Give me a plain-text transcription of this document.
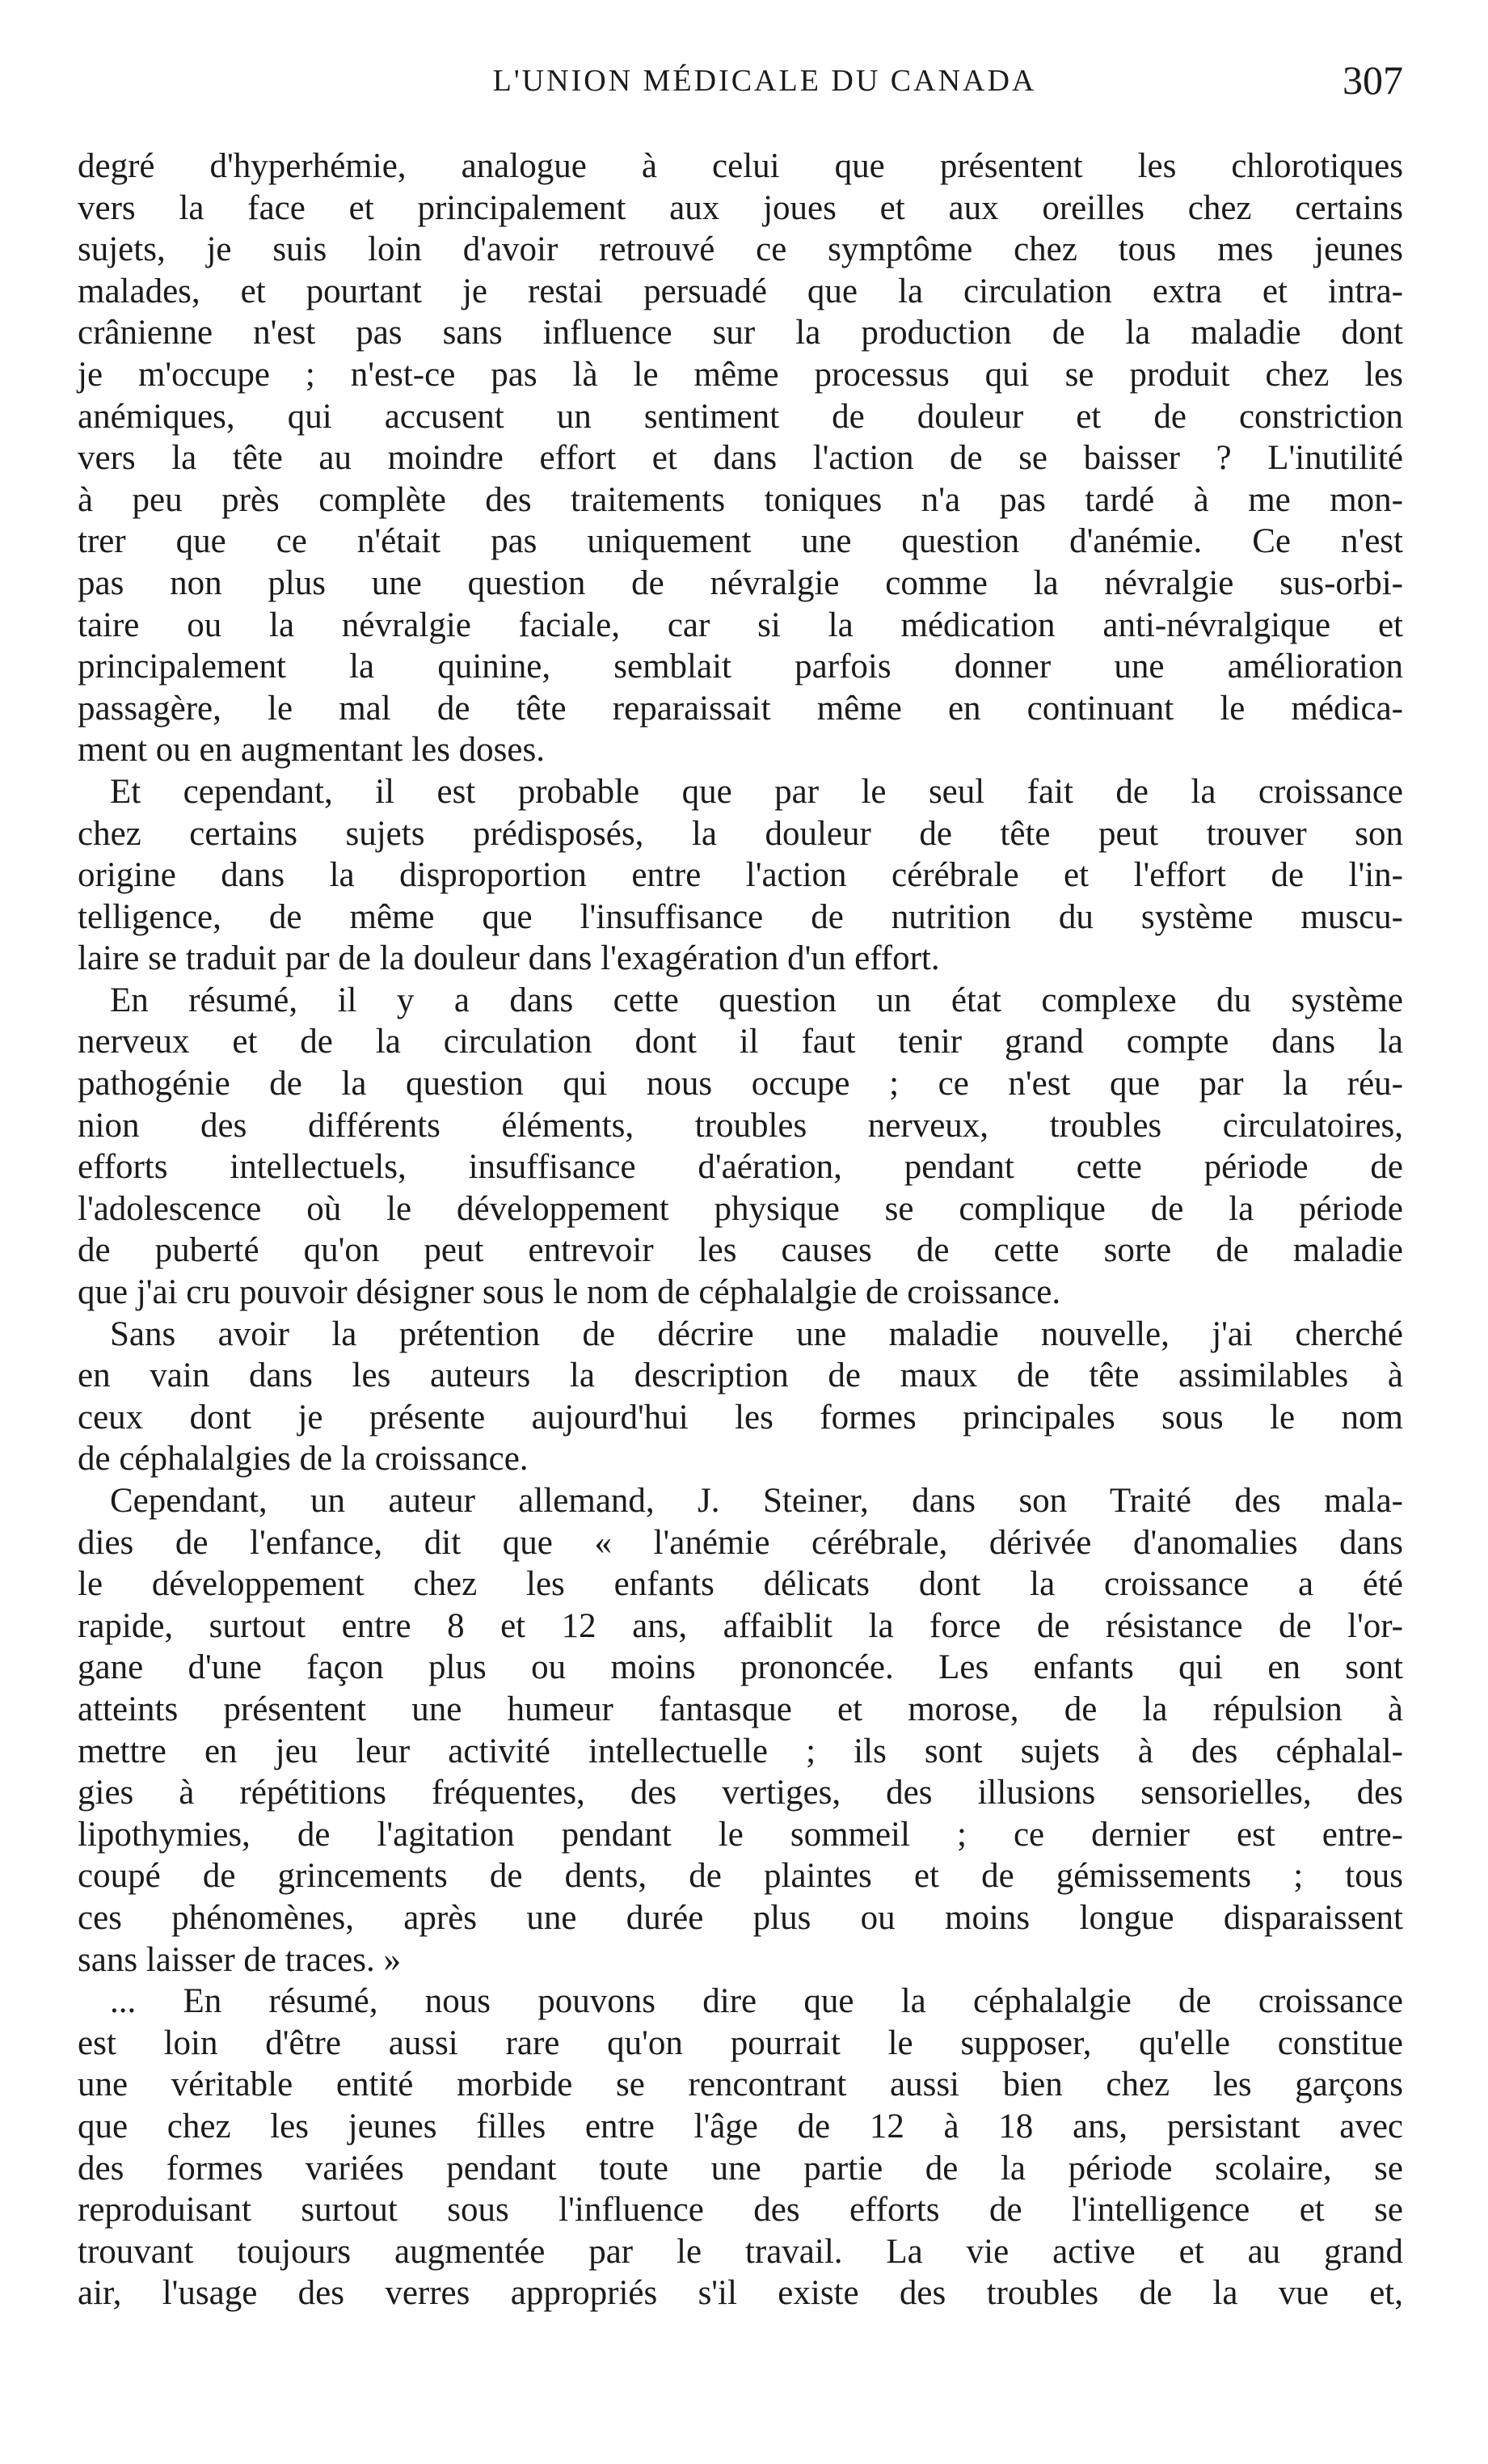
L'UNION MÉDICALE DU CANADA	307
degré d'hyperhémie, analogue à celui que présentent les chlorotiques
vers la face et principalement aux joues et aux oreilles chez certains
sujets, je suis loin d'avoir retrouvé ce symptôme chez tous mes jeunes
malades, et pourtant je restai persuadé que la circulation extra et intra-
crânienne n'est pas sans influence sur la production de la maladie dont
je m'occupe ; n'est-ce pas là le même processus qui se produit chez les
anémiques, qui accusent un sentiment de douleur et de constriction
vers la tête au moindre effort et dans l'action de se baisser ? L'inutilité
à peu près complète des traitements toniques n'a pas tardé à me mon-
trer que ce n'était pas uniquement une question d'anémie. Ce n'est
pas non plus une question de névralgie comme la névralgie sus-orbi-
taire ou la névralgie faciale, car si la médication anti-névralgique et
principalement la quinine, semblait parfois donner une amélioration
passagère, le mal de tête reparaissait même en continuant le médica-
ment ou en augmentant les doses.
Et cependant, il est probable que par le seul fait de la croissance
chez certains sujets prédisposés, la douleur de tête peut trouver son
origine dans la disproportion entre l'action cérébrale et l'effort de l'in-
telligence, de même que l'insuffisance de nutrition du système muscu-
laire se traduit par de la douleur dans l'exagération d'un effort.
En résumé, il y a dans cette question un état complexe du système
nerveux et de la circulation dont il faut tenir grand compte dans la
pathogénie de la question qui nous occupe ; ce n'est que par la réu-
nion des différents éléments, troubles nerveux, troubles circulatoires,
efforts intellectuels, insuffisance d'aération, pendant cette période de
l'adolescence où le développement physique se complique de la période
de puberté qu'on peut entrevoir les causes de cette sorte de maladie
que j'ai cru pouvoir désigner sous le nom de céphalalgie de croissance.
Sans avoir la prétention de décrire une maladie nouvelle, j'ai cherché
en vain dans les auteurs la description de maux de tête assimilables à
ceux dont je présente aujourd'hui les formes principales sous le nom
de céphalalgies de la croissance.
Cependant, un auteur allemand, J. Steiner, dans son Traité des mala-
dies de l'enfance, dit que « l'anémie cérébrale, dérivée d'anomalies dans
le développement chez les enfants délicats dont la croissance a été
rapide, surtout entre 8 et 12 ans, affaiblit la force de résistance de l'or-
gane d'une façon plus ou moins prononcée. Les enfants qui en sont
atteints présentent une humeur fantasque et morose, de la répulsion à
mettre en jeu leur activité intellectuelle ; ils sont sujets à des céphalal-
gies à répétitions fréquentes, des vertiges, des illusions sensorielles, des
lipothymies, de l'agitation pendant le sommeil ; ce dernier est entre-
coupé de grincements de dents, de plaintes et de gémissements ; tous
ces phénomènes, après une durée plus ou moins longue disparaissent
sans laisser de traces. »
... En résumé, nous pouvons dire que la céphalalgie de croissance
est loin d'être aussi rare qu'on pourrait le supposer, qu'elle constitue
une véritable entité morbide se rencontrant aussi bien chez les garçons
que chez les jeunes filles entre l'âge de 12 à 18 ans, persistant avec
des formes variées pendant toute une partie de la période scolaire, se
reproduisant surtout sous l'influence des efforts de l'intelligence et se
trouvant toujours augmentée par le travail. La vie active et au grand
air, l'usage des verres appropriés s'il existe des troubles de la vue et,
